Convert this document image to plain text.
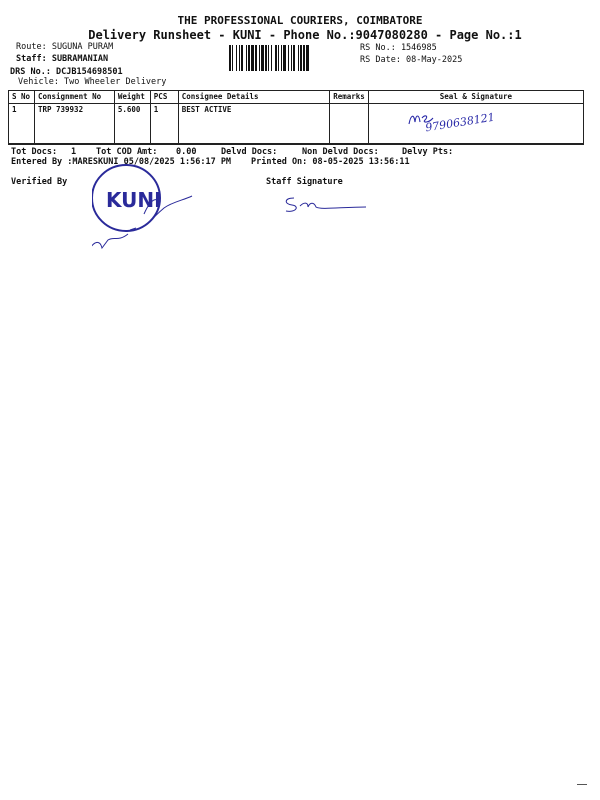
THE PROFESSIONAL COURIERS, COIMBATORE
Delivery Runsheet - KUNI - Phone No.:9047080280 - Page No.:1
Route: SUGUNA PURAM
Staff: SUBRAMANIAN
DRS No.: DCJB154698501
Vehicle: Two Wheeler Delivery
RS No.: 1546985
RS Date: 08-May-2025
S No	Consignment No	Weight	PCS	Consignee Details	Remarks	Seal & Signature
1	TRP 739932	5.600	1	BEST ACTIVE		9790638121
Tot Docs: 1 Tot COD Amt: 0.00	Delvd Docs:	Non Delvd Docs:	Delvy Pts:
Entered By :MARESKUNI 05/08/2025 1:56:17 PM Printed On: 08-05-2025 13:56:11
Verified By	Staff Signature
KUNI
